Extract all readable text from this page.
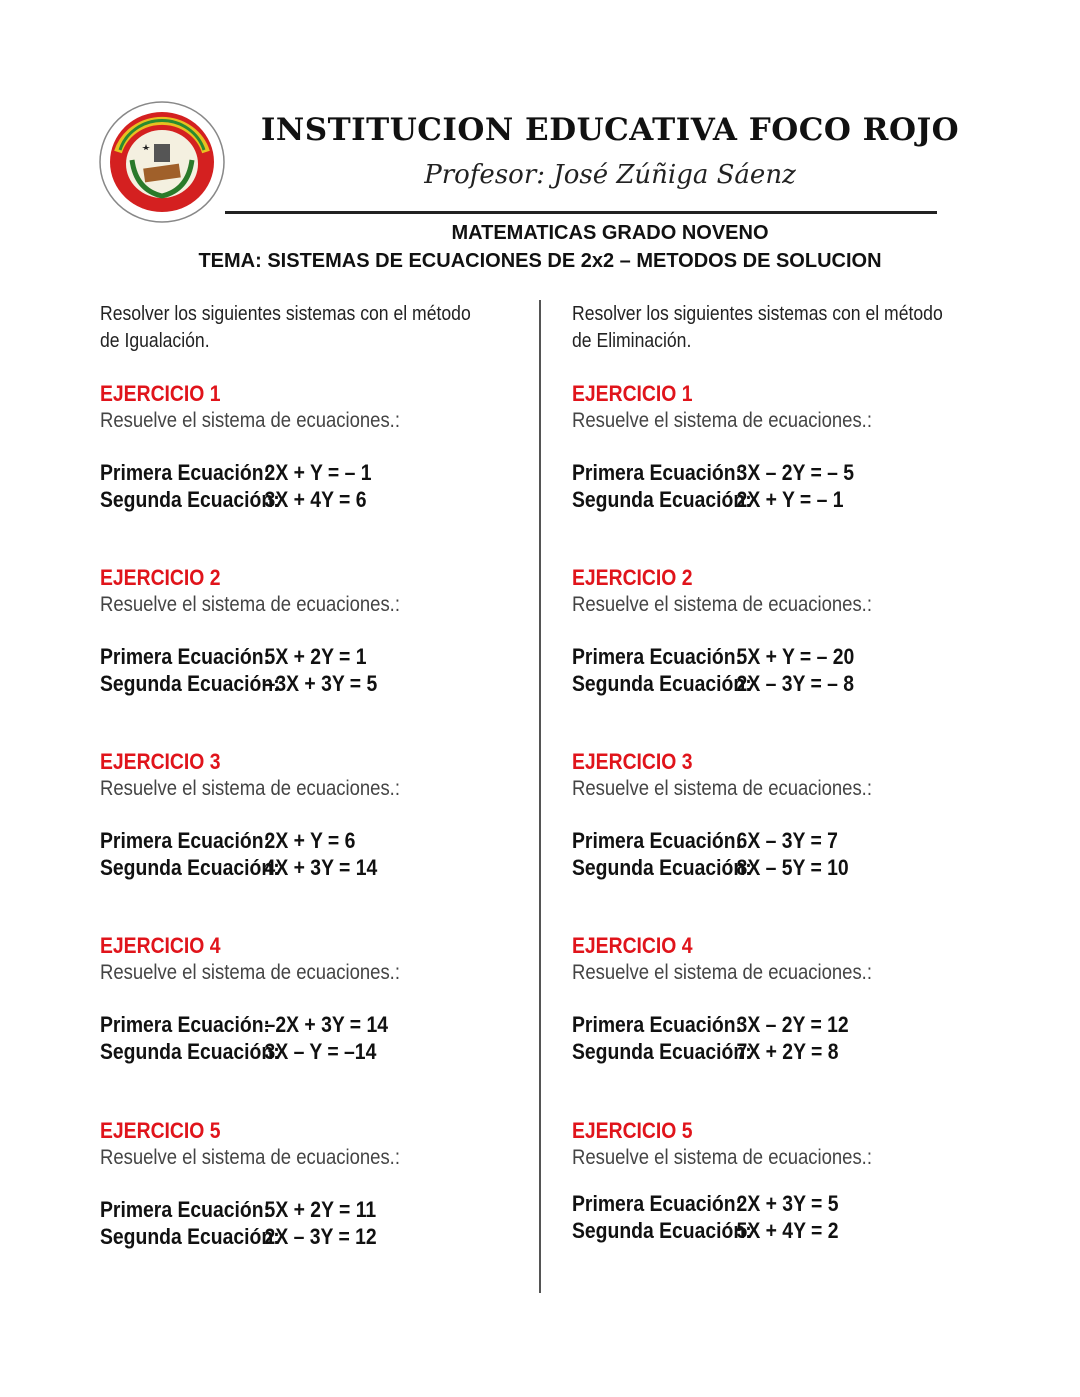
INSTITUCION EDUCATIVA FOCO ROJO
Profesor: José Zúñiga Sáenz
MATEMATICAS GRADO NOVENO
TEMA: SISTEMAS DE ECUACIONES DE 2x2 – METODOS DE SOLUCION
Resolver los siguientes sistemas con el método
de Igualación.
Resolver los siguientes sistemas con el método
de Eliminación.
EJERCICIO 1
Resuelve el sistema de ecuaciones.:
Primera Ecuación:2X + Y = – 1
Segunda Ecuación:3X + 4Y = 6
EJERCICIO 2
Resuelve el sistema de ecuaciones.:
Primera Ecuación:5X + 2Y = 1
Segunda Ecuación:–3X + 3Y = 5
EJERCICIO 3
Resuelve el sistema de ecuaciones.:
Primera Ecuación:2X + Y = 6
Segunda Ecuación:4X + 3Y = 14
EJERCICIO 4
Resuelve el sistema de ecuaciones.:
Primera Ecuación:–2X + 3Y = 14
Segunda Ecuación:3X – Y = –14
EJERCICIO 5
Resuelve el sistema de ecuaciones.:
Primera Ecuación:5X + 2Y = 11
Segunda Ecuación:2X – 3Y = 12
EJERCICIO 1
Resuelve el sistema de ecuaciones.:
Primera Ecuación:3X – 2Y = – 5
Segunda Ecuación:2X + Y = – 1
EJERCICIO 2
Resuelve el sistema de ecuaciones.:
Primera Ecuación:5X + Y = – 20
Segunda Ecuación:2X – 3Y = – 8
EJERCICIO 3
Resuelve el sistema de ecuaciones.:
Primera Ecuación:6X – 3Y = 7
Segunda Ecuación:8X – 5Y = 10
EJERCICIO 4
Resuelve el sistema de ecuaciones.:
Primera Ecuación:3X – 2Y = 12
Segunda Ecuación:7X + 2Y = 8
EJERCICIO 5
Resuelve el sistema de ecuaciones.:
Primera Ecuación:2X + 3Y = 5
Segunda Ecuación:5X + 4Y = 2
